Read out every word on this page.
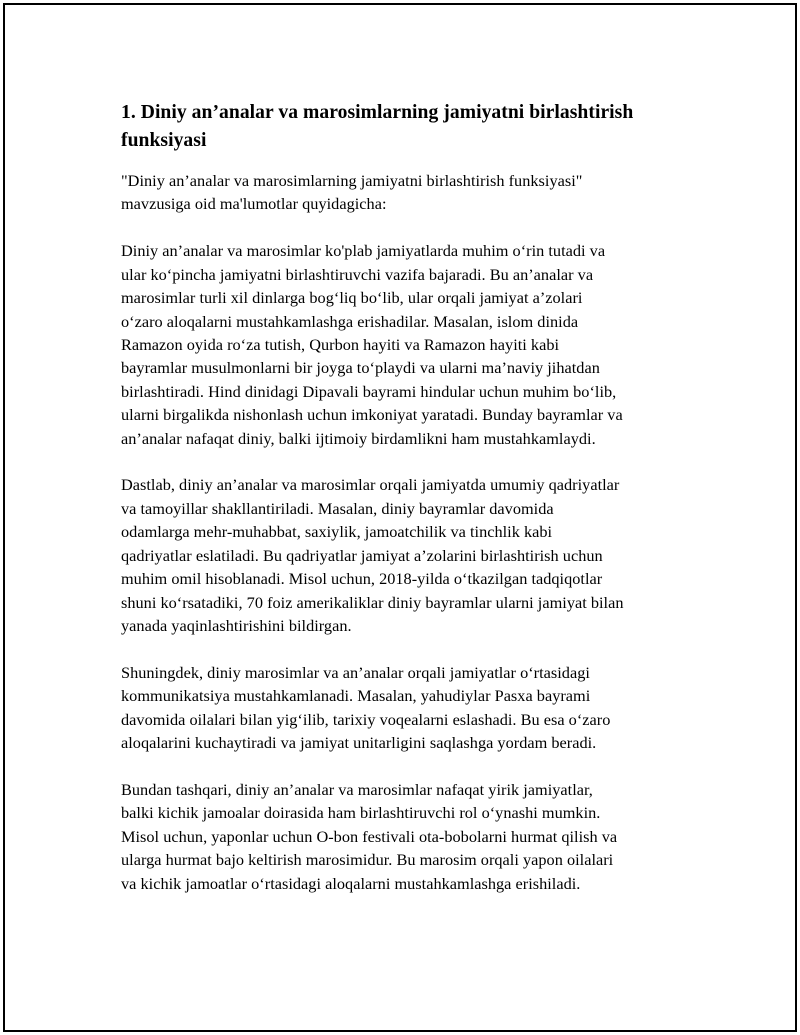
1. Diniy an’analar va marosimlarning jamiyatni birlashtirish
funksiyasi

"Diniy an’analar va marosimlarning jamiyatni birlashtirish funksiyasi"
mavzusiga oid ma'lumotlar quyidagicha:

Diniy an’analar va marosimlar ko'plab jamiyatlarda muhim o‘rin tutadi va
ular ko‘pincha jamiyatni birlashtiruvchi vazifa bajaradi. Bu an’analar va
marosimlar turli xil dinlarga bog‘liq bo‘lib, ular orqali jamiyat a’zolari
o‘zaro aloqalarni mustahkamlashga erishadilar. Masalan, islom dinida
Ramazon oyida ro‘za tutish, Qurbon hayiti va Ramazon hayiti kabi
bayramlar musulmonlarni bir joyga to‘playdi va ularni ma’naviy jihatdan
birlashtiradi. Hind dinidagi Dipavali bayrami hindular uchun muhim bo‘lib,
ularni birgalikda nishonlash uchun imkoniyat yaratadi. Bunday bayramlar va
an’analar nafaqat diniy, balki ijtimoiy birdamlikni ham mustahkamlaydi.

Dastlab, diniy an’analar va marosimlar orqali jamiyatda umumiy qadriyatlar
va tamoyillar shakllantiriladi. Masalan, diniy bayramlar davomida
odamlarga mehr-muhabbat, saxiylik, jamoatchilik va tinchlik kabi
qadriyatlar eslatiladi. Bu qadriyatlar jamiyat a’zolarini birlashtirish uchun
muhim omil hisoblanadi. Misol uchun, 2018-yilda o‘tkazilgan tadqiqotlar
shuni ko‘rsatadiki, 70 foiz amerikaliklar diniy bayramlar ularni jamiyat bilan
yanada yaqinlashtirishini bildirgan.

Shuningdek, diniy marosimlar va an’analar orqali jamiyatlar o‘rtasidagi
kommunikatsiya mustahkamlanadi. Masalan, yahudiylar Pasxa bayrami
davomida oilalari bilan yig‘ilib, tarixiy voqealarni eslashadi. Bu esa o‘zaro
aloqalarini kuchaytiradi va jamiyat unitarligini saqlashga yordam beradi.

Bundan tashqari, diniy an’analar va marosimlar nafaqat yirik jamiyatlar,
balki kichik jamoalar doirasida ham birlashtiruvchi rol o‘ynashi mumkin.
Misol uchun, yaponlar uchun O-bon festivali ota-bobolarni hurmat qilish va
ularga hurmat bajo keltirish marosimidur. Bu marosim orqali yapon oilalari
va kichik jamoatlar o‘rtasidagi aloqalarni mustahkamlashga erishiladi.
